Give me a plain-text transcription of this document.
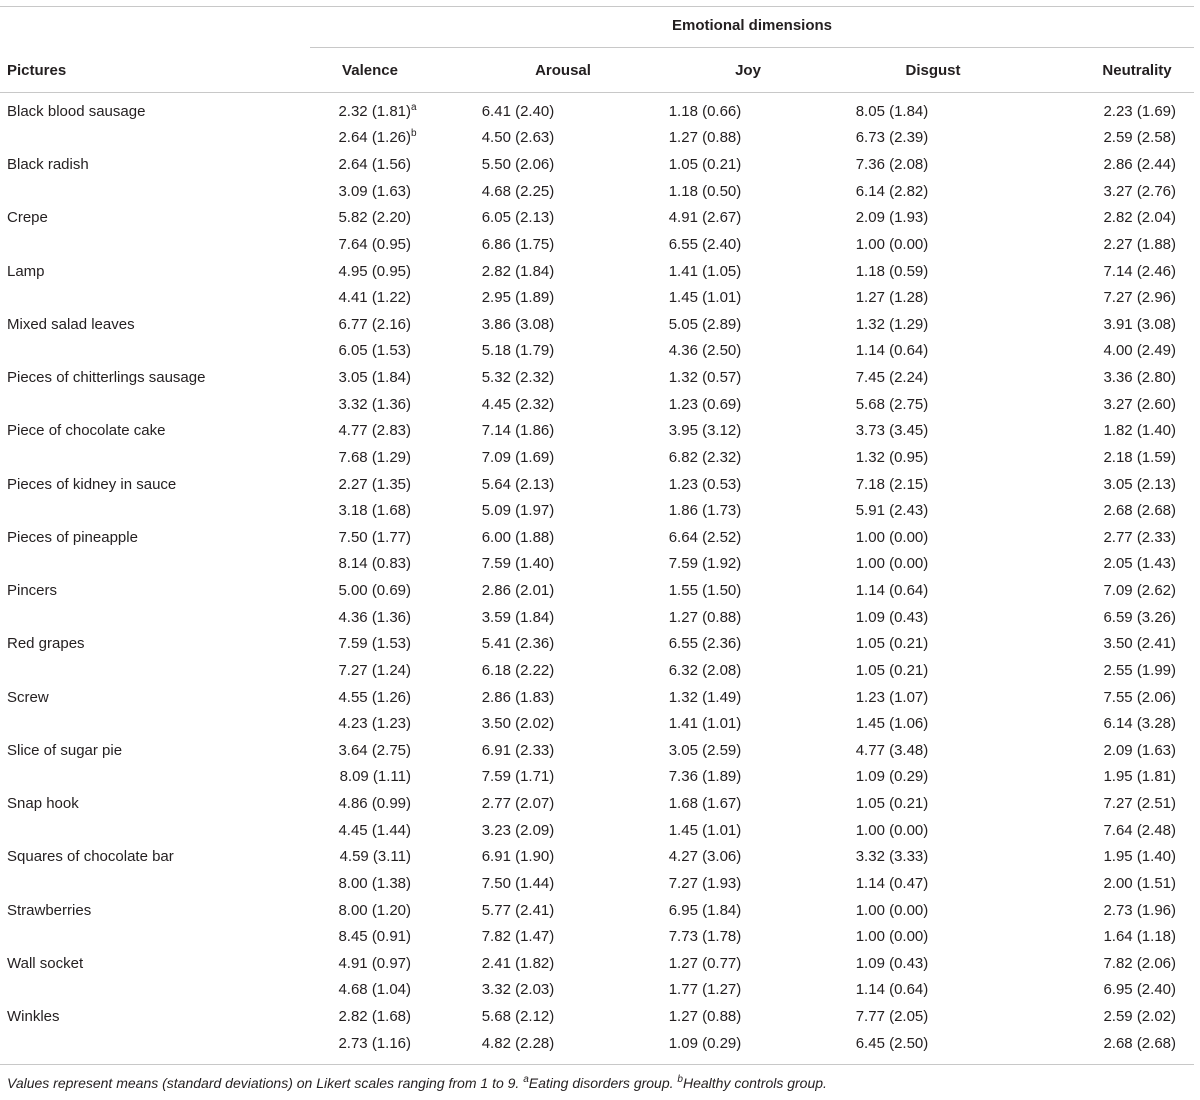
Emotional dimensions
Pictures	Valence	Arousal	Joy	Disgust	Neutrality
Black blood sausage	2.32 $(1.81)^a$	6.41 (2.40)	1.18 (0.66)	8.05 (1.84)	2.23 (1.69)
	2.64 $(1.26)^b$	4.50 (2.63)	1.27 (0.88)	6.73 (2.39)	2.59 (2.58)
Black radish	2.64 (1.56)	5.50 (2.06)	1.05 (0.21)	7.36 (2.08)	2.86 (2.44)
	3.09 (1.63)	4.68 (2.25)	1.18 (0.50)	6.14 (2.82)	3.27 (2.76)
Crepe	5.82 (2.20)	6.05 (2.13)	4.91 (2.67)	2.09 (1.93)	2.82 (2.04)
	7.64 (0.95)	6.86 (1.75)	6.55 (2.40)	1.00 (0.00)	2.27 (1.88)
Lamp	4.95 (0.95)	2.82 (1.84)	1.41 (1.05)	1.18 (0.59)	7.14 (2.46)
	4.41 (1.22)	2.95 (1.89)	1.45 (1.01)	1.27 (1.28)	7.27 (2.96)
Mixed salad leaves	6.77 (2.16)	3.86 (3.08)	5.05 (2.89)	1.32 (1.29)	3.91 (3.08)
	6.05 (1.53)	5.18 (1.79)	4.36 (2.50)	1.14 (0.64)	4.00 (2.49)
Pieces of chitterlings sausage	3.05 (1.84)	5.32 (2.32)	1.32 (0.57)	7.45 (2.24)	3.36 (2.80)
	3.32 (1.36)	4.45 (2.32)	1.23 (0.69)	5.68 (2.75)	3.27 (2.60)
Piece of chocolate cake	4.77 (2.83)	7.14 (1.86)	3.95 (3.12)	3.73 (3.45)	1.82 (1.40)
	7.68 (1.29)	7.09 (1.69)	6.82 (2.32)	1.32 (0.95)	2.18 (1.59)
Pieces of kidney in sauce	2.27 (1.35)	5.64 (2.13)	1.23 (0.53)	7.18 (2.15)	3.05 (2.13)
	3.18 (1.68)	5.09 (1.97)	1.86 (1.73)	5.91 (2.43)	2.68 (2.68)
Pieces of pineapple	7.50 (1.77)	6.00 (1.88)	6.64 (2.52)	1.00 (0.00)	2.77 (2.33)
	8.14 (0.83)	7.59 (1.40)	7.59 (1.92)	1.00 (0.00)	2.05 (1.43)
Pincers	5.00 (0.69)	2.86 (2.01)	1.55 (1.50)	1.14 (0.64)	7.09 (2.62)
	4.36 (1.36)	3.59 (1.84)	1.27 (0.88)	1.09 (0.43)	6.59 (3.26)
Red grapes	7.59 (1.53)	5.41 (2.36)	6.55 (2.36)	1.05 (0.21)	3.50 (2.41)
	7.27 (1.24)	6.18 (2.22)	6.32 (2.08)	1.05 (0.21)	2.55 (1.99)
Screw	4.55 (1.26)	2.86 (1.83)	1.32 (1.49)	1.23 (1.07)	7.55 (2.06)
	4.23 (1.23)	3.50 (2.02)	1.41 (1.01)	1.45 (1.06)	6.14 (3.28)
Slice of sugar pie	3.64 (2.75)	6.91 (2.33)	3.05 (2.59)	4.77 (3.48)	2.09 (1.63)
	8.09 (1.11)	7.59 (1.71)	7.36 (1.89)	1.09 (0.29)	1.95 (1.81)
Snap hook	4.86 (0.99)	2.77 (2.07)	1.68 (1.67)	1.05 (0.21)	7.27 (2.51)
	4.45 (1.44)	3.23 (2.09)	1.45 (1.01)	1.00 (0.00)	7.64 (2.48)
Squares of chocolate bar	4.59 (3.11)	6.91 (1.90)	4.27 (3.06)	3.32 (3.33)	1.95 (1.40)
	8.00 (1.38)	7.50 (1.44)	7.27 (1.93)	1.14 (0.47)	2.00 (1.51)
Strawberries	8.00 (1.20)	5.77 (2.41)	6.95 (1.84)	1.00 (0.00)	2.73 (1.96)
	8.45 (0.91)	7.82 (1.47)	7.73 (1.78)	1.00 (0.00)	1.64 (1.18)
Wall socket	4.91 (0.97)	2.41 (1.82)	1.27 (0.77)	1.09 (0.43)	7.82 (2.06)
	4.68 (1.04)	3.32 (2.03)	1.77 (1.27)	1.14 (0.64)	6.95 (2.40)
Winkles	2.82 (1.68)	5.68 (2.12)	1.27 (0.88)	7.77 (2.05)	2.59 (2.02)
	2.73 (1.16)	4.82 (2.28)	1.09 (0.29)	6.45 (2.50)	2.68 (2.68)
Values represent means (standard deviations) on Likert scales ranging from 1 to 9. $^a$Eating disorders group. $^b$Healthy controls group.
